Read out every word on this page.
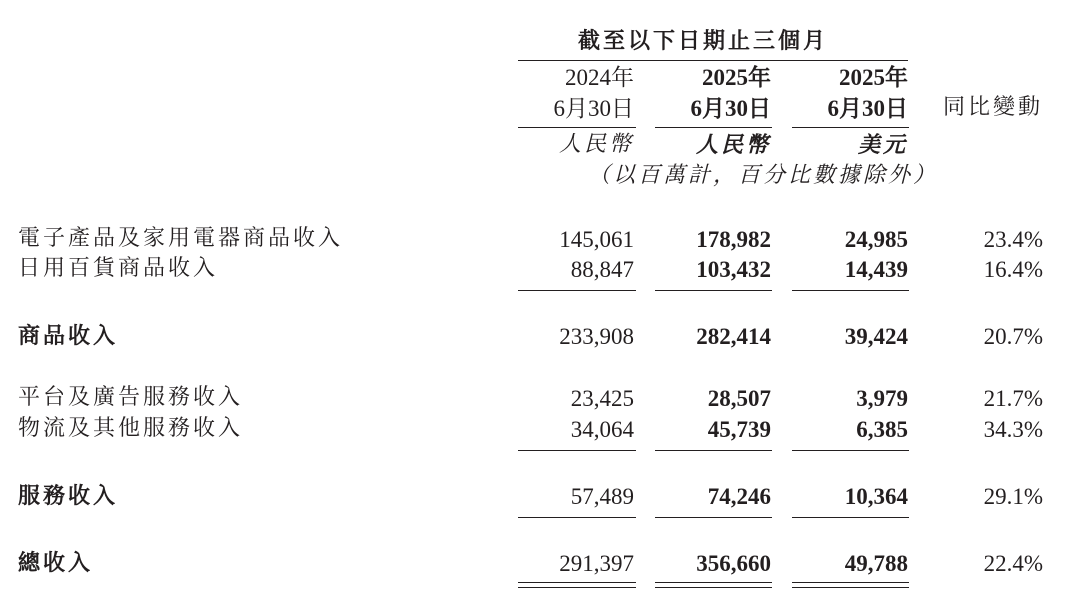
截至以下日期止三個月
2024年	2025年	2025年
6月30日 6月30日 6月30日 同比變動
人民幣	人民幣	美元
（以百萬計，百分比數據除外）
電子產品及家用電器商品收入	145,061	178,982	24,985	23.4%
日用百貨商品收入	88,847	103,432	14,439	16.4%
商品收入	233,908	282,414	39,424	20.7%
平台及廣告服務收入	23,425	28,507	3,979	21.7%
物流及其他服務收入	34,064	45,739	6,385	34.3%
服務收入	57,489	74,246	10,364	29.1%
總收入	291,397	356,660	49,788	22.4%
